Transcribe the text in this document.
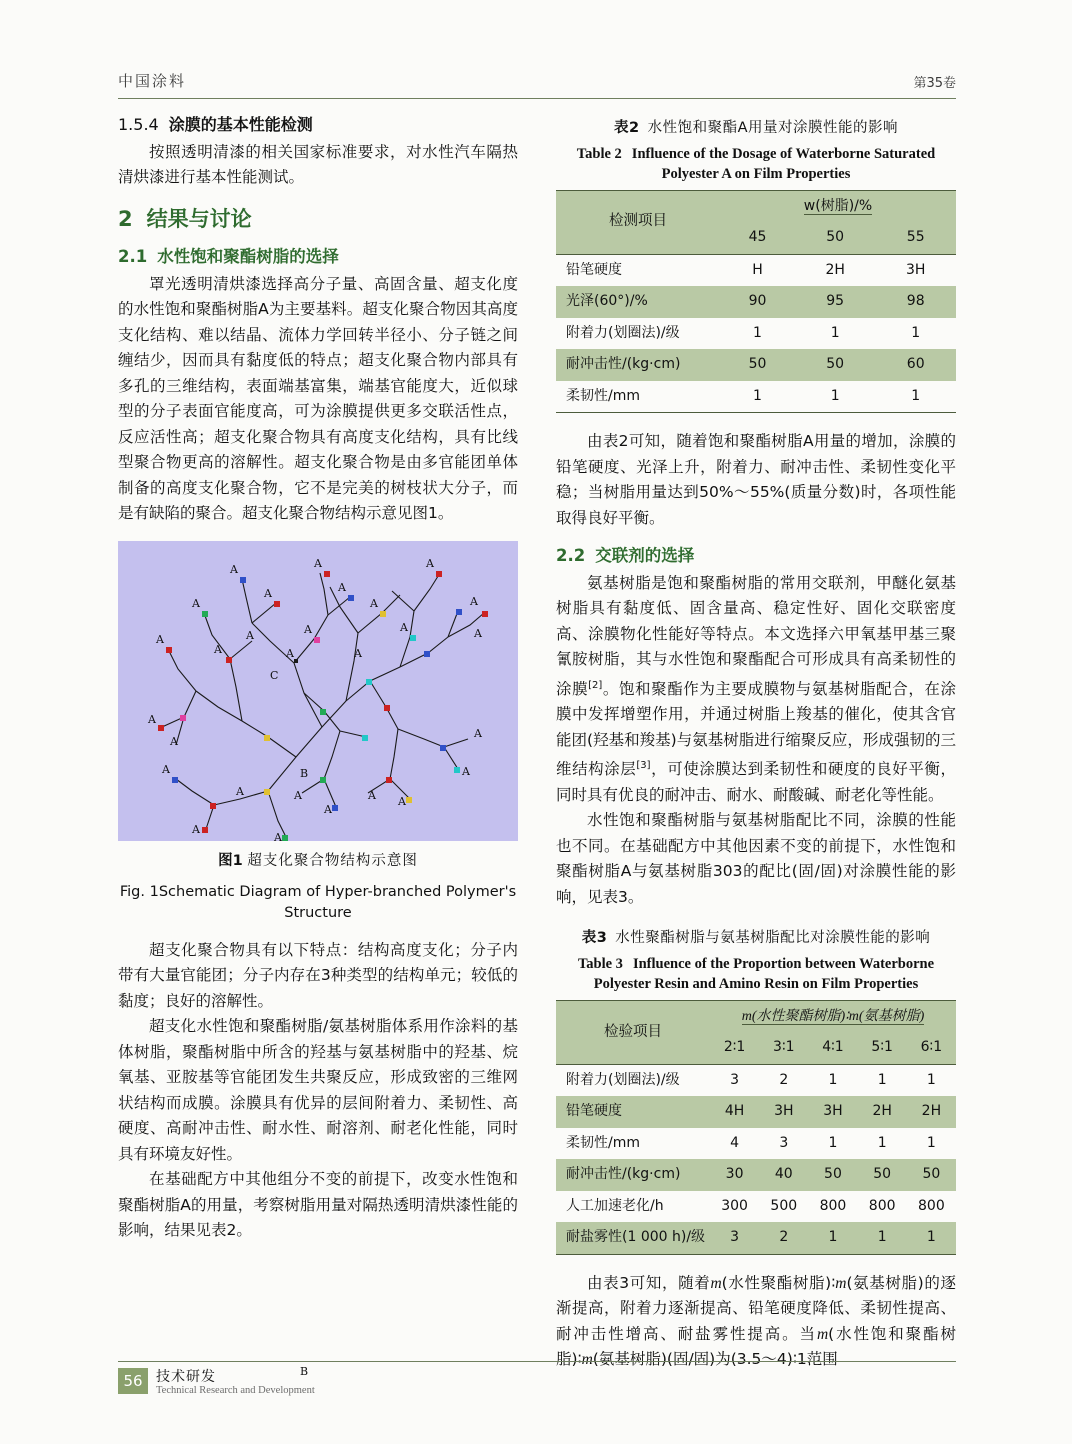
中国涂料	第35卷

1.5.4 涂膜的基本性能检测

按照透明清漆的相关国家标准要求，对水性汽车隔热清烘漆进行基本性能测试。

2 结果与讨论

2.1 水性饱和聚酯树脂的选择

罩光透明清烘漆选择高分子量、高固含量、超支化度的水性饱和聚酯树脂A为主要基料。超支化聚合物因其高度支化结构、难以结晶、流体力学回转半径小、分子链之间缠结少，因而具有黏度低的特点；超支化聚合物内部具有多孔的三维结构，表面端基富集，端基官能度大，近似球型的分子表面官能度高，可为涂膜提供更多交联活性点，反应活性高；超支化聚合物具有高度支化结构，具有比线型聚合物更高的溶解性。超支化聚合物是由多官能团单体制备的高度支化聚合物，它不是完美的树枝状大分子，而是有缺陷的聚合。超支化聚合物结构示意见图1。

A
A	A
A	A
A
A
A
A
A
A
A	A
A
A
A
A
A
A
A
A
A
A
A
A
C
A	A
A

B
B

图1 超支化聚合物结构示意图

Fig. 1Schematic Diagram of Hyper-branched Polymer's Structure

超支化聚合物具有以下特点：结构高度支化；分子内带有大量官能团；分子内存在3种类型的结构单元；较低的黏度；良好的溶解性。

超支化水性饱和聚酯树脂/氨基树脂体系用作涂料的基体树脂，聚酯树脂中所含的羟基与氨基树脂中的羟基、烷氧基、亚胺基等官能团发生共聚反应，形成致密的三维网状结构而成膜。涂膜具有优异的层间附着力、柔韧性、高硬度、高耐冲击性、耐水性、耐溶剂、耐老化性能，同时具有环境友好性。

在基础配方中其他组分不变的前提下，改变水性饱和聚酯树脂A的用量，考察树脂用量对隔热透明清烘漆性能的影响，结果见表2。

表2 水性饱和聚酯A用量对涂膜性能的影响

Table 2 Influence of the Dosage of Waterborne Saturated Polyester A on Film Properties

检测项目	w(树脂)/%		
	45	50	55
铅笔硬度	H	2H	3H
光泽(60°)/%	90	95	98
附着力(划圈法)/级	1	1	1
耐冲击性/(kg·cm)	50	50	60
柔韧性/mm	1	1	1

由表2可知，随着饱和聚酯树脂A用量的增加，涂膜的铅笔硬度、光泽上升，附着力、耐冲击性、柔韧性变化平稳；当树脂用量达到50%～55%(质量分数)时，各项性能取得良好平衡。

2.2 交联剂的选择

氨基树脂是饱和聚酯树脂的常用交联剂，甲醚化氨基树脂具有黏度低、固含量高、稳定性好、固化交联密度高、涂膜物化性能好等特点。本文选择六甲氧基甲基三聚氰胺树脂，其与水性饱和聚酯配合可形成具有高柔韧性的涂膜[2]。饱和聚酯作为主要成膜物与氨基树脂配合，在涂膜中发挥增塑作用，并通过树脂上羧基的催化，使其含官能团(羟基和羧基)与氨基树脂进行缩聚反应，形成强韧的三维结构涂层[3]，可使涂膜达到柔韧性和硬度的良好平衡，同时具有优良的耐冲击、耐水、耐酸碱、耐老化等性能。

水性饱和聚酯树脂与氨基树脂配比不同，涂膜的性能也不同。在基础配方中其他因素不变的前提下，水性饱和聚酯树脂A与氨基树脂303的配比(固/固)对涂膜性能的影响，见表3。

表3 水性聚酯树脂与氨基树脂配比对涂膜性能的影响

Table 3 Influence of the Proportion between Waterborne Polyester Resin and Amino Resin on Film Properties

检验项目	m(水性聚酯树脂)∶m(氨基树脂)				
	2∶1	3∶1	4∶1	5∶1	6∶1
附着力(划圈法)/级	3	2	1	1	1
铅笔硬度	4H	3H	3H	2H	2H
柔韧性/mm	4	3	1	1	1
耐冲击性/(kg·cm)	30	40	50	50	50
人工加速老化/h	300	500	800	800	800
耐盐雾性(1 000 h)/级	3	2	1	1	1

由表3可知，随着m(水性聚酯树脂)∶m(氨基树脂)的逐渐提高，附着力逐渐提高、铅笔硬度降低、柔韧性提高、耐冲击性增高、耐盐雾性提高。当m(水性饱和聚酯树脂)∶m(氨基树脂)(固/固)为(3.5～4)∶1范围

56 技术研发
Technical Research and Development
